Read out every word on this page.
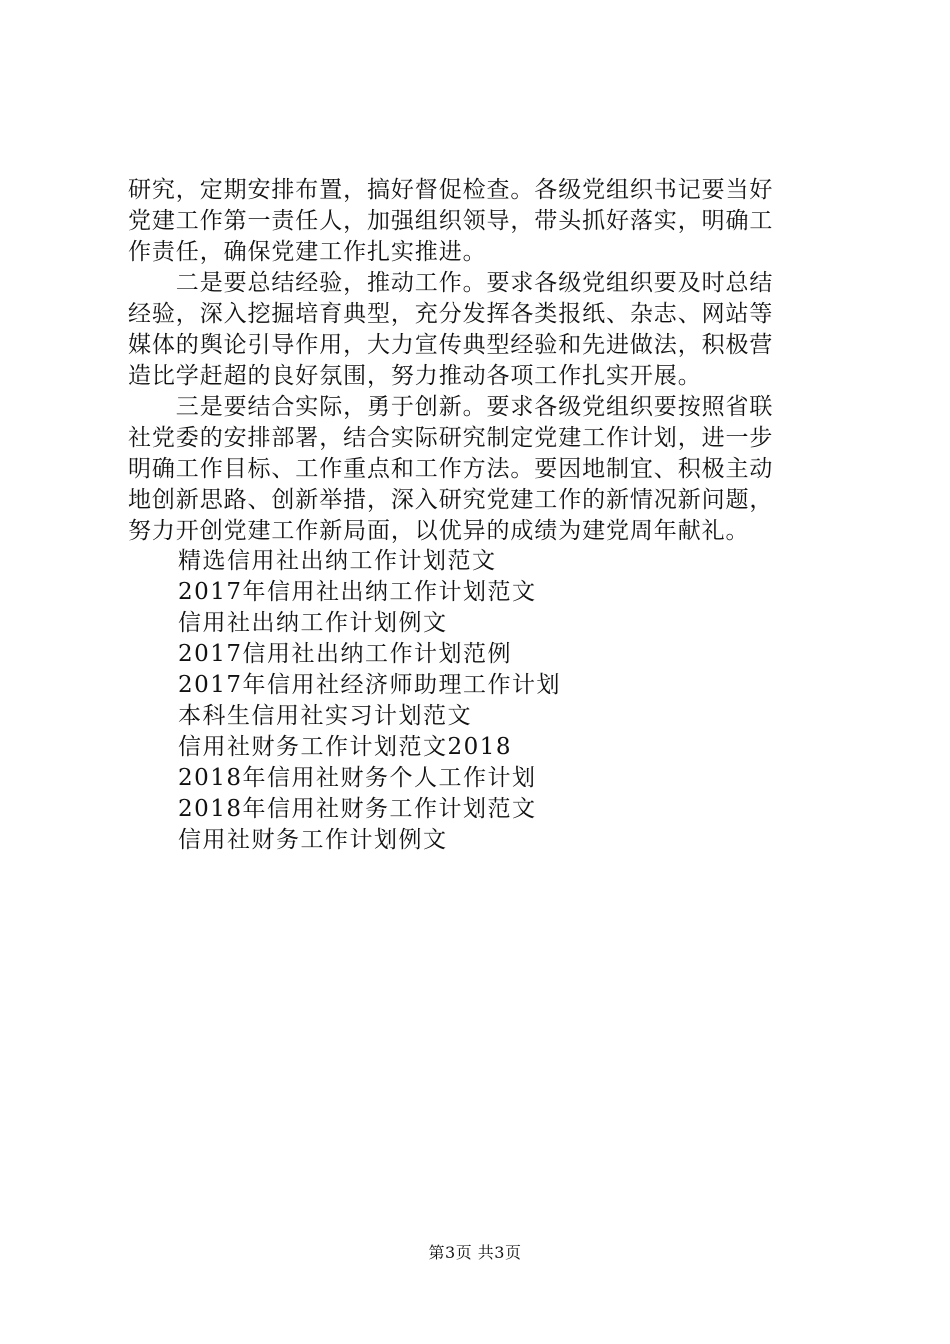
研究，定期安排布置，搞好督促检查。各级党组织书记要当好
党建工作第一责任人，加强组织领导，带头抓好落实，明确工
作责任，确保党建工作扎实推进。
　　二是要总结经验，推动工作。要求各级党组织要及时总结
经验，深入挖掘培育典型，充分发挥各类报纸、杂志、网站等
媒体的舆论引导作用，大力宣传典型经验和先进做法，积极营
造比学赶超的良好氛围，努力推动各项工作扎实开展。
　　三是要结合实际，勇于创新。要求各级党组织要按照省联
社党委的安排部署，结合实际研究制定党建工作计划，进一步
明确工作目标、工作重点和工作方法。要因地制宜、积极主动
地创新思路、创新举措，深入研究党建工作的新情况新问题，
努力开创党建工作新局面，以优异的成绩为建党周年献礼。
精选信用社出纳工作计划范文
2017年信用社出纳工作计划范文
信用社出纳工作计划例文
2017信用社出纳工作计划范例
2017年信用社经济师助理工作计划
本科生信用社实习计划范文
信用社财务工作计划范文2018
2018年信用社财务个人工作计划
2018年信用社财务工作计划范文
信用社财务工作计划例文
第3页 共3页
